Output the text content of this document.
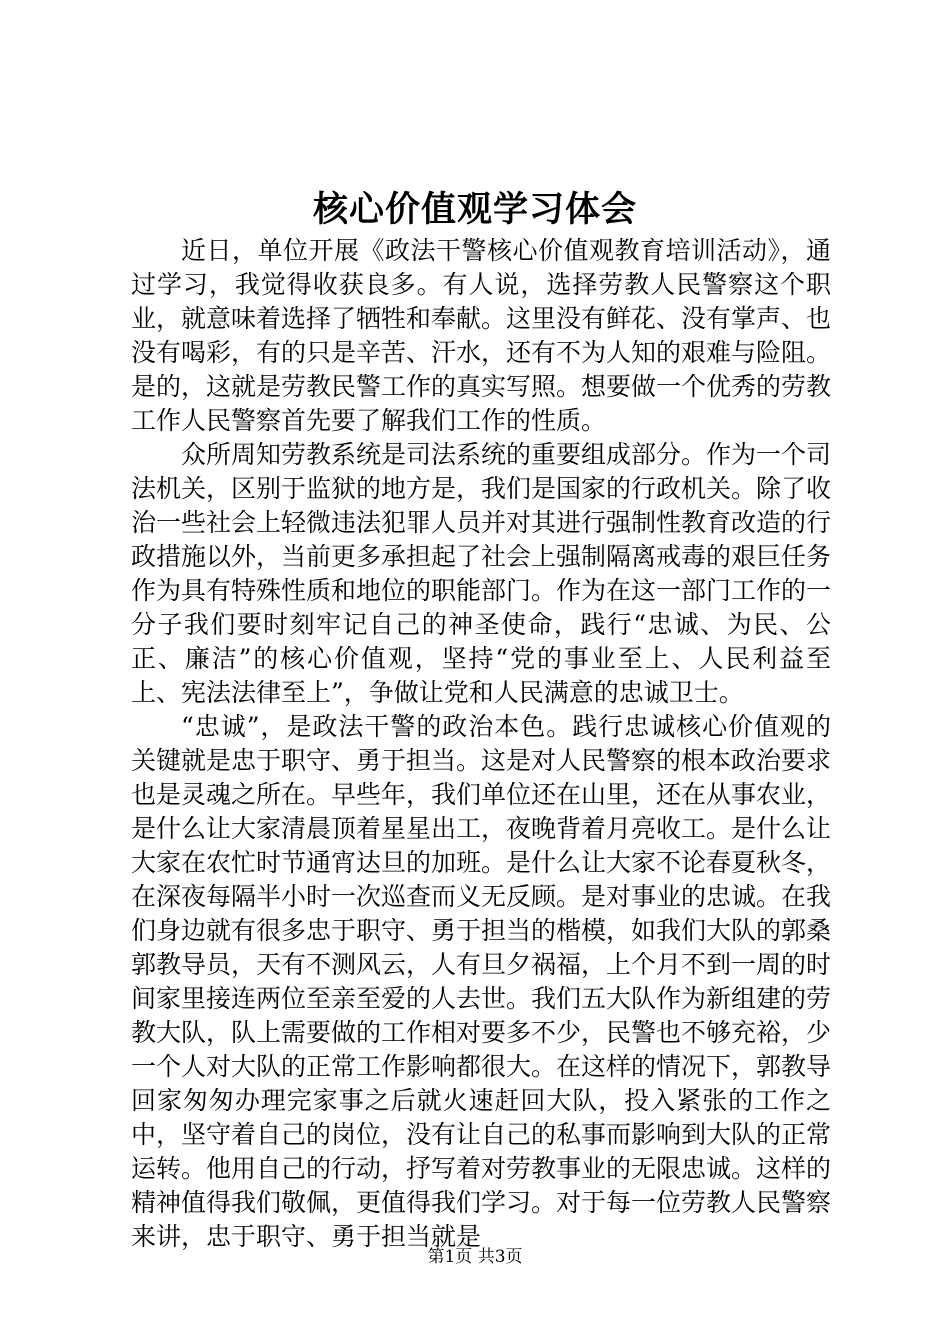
核心价值观学习体会

近日，单位开展《政法干警核心价值观教育培训活动》，通过学习，我觉得收获良多。有人说，选择劳教人民警察这个职业，就意味着选择了牺牲和奉献。这里没有鲜花、没有掌声、也没有喝彩，有的只是辛苦、汗水，还有不为人知的艰难与险阻。是的，这就是劳教民警工作的真实写照。想要做一个优秀的劳教工作人民警察首先要了解我们工作的性质。

众所周知劳教系统是司法系统的重要组成部分。作为一个司法机关，区别于监狱的地方是，我们是国家的行政机关。除了收治一些社会上轻微违法犯罪人员并对其进行强制性教育改造的行政措施以外，当前更多承担起了社会上强制隔离戒毒的艰巨任务作为具有特殊性质和地位的职能部门。作为在这一部门工作的一分子我们要时刻牢记自己的神圣使命，践行“忠诚、为民、公正、廉洁”的核心价值观，坚持“党的事业至上、人民利益至上、宪法法律至上”，争做让党和人民满意的忠诚卫士。

“忠诚”，是政法干警的政治本色。践行忠诚核心价值观的关键就是忠于职守、勇于担当。这是对人民警察的根本政治要求也是灵魂之所在。早些年，我们单位还在山里，还在从事农业，是什么让大家清晨顶着星星出工，夜晚背着月亮收工。是什么让大家在农忙时节通宵达旦的加班。是什么让大家不论春夏秋冬，在深夜每隔半小时一次巡查而义无反顾。是对事业的忠诚。在我们身边就有很多忠于职守、勇于担当的楷模，如我们大队的郭桑郭教导员，天有不测风云，人有旦夕祸福，上个月不到一周的时间家里接连两位至亲至爱的人去世。我们五大队作为新组建的劳教大队，队上需要做的工作相对要多不少，民警也不够充裕，少一个人对大队的正常工作影响都很大。在这样的情况下，郭教导回家匆匆办理完家事之后就火速赶回大队，投入紧张的工作之中，坚守着自己的岗位，没有让自己的私事而影响到大队的正常运转。他用自己的行动，抒写着对劳教事业的无限忠诚。这样的精神值得我们敬佩，更值得我们学习。对于每一位劳教人民警察来讲，忠于职守、勇于担当就是

第1页 共3页
